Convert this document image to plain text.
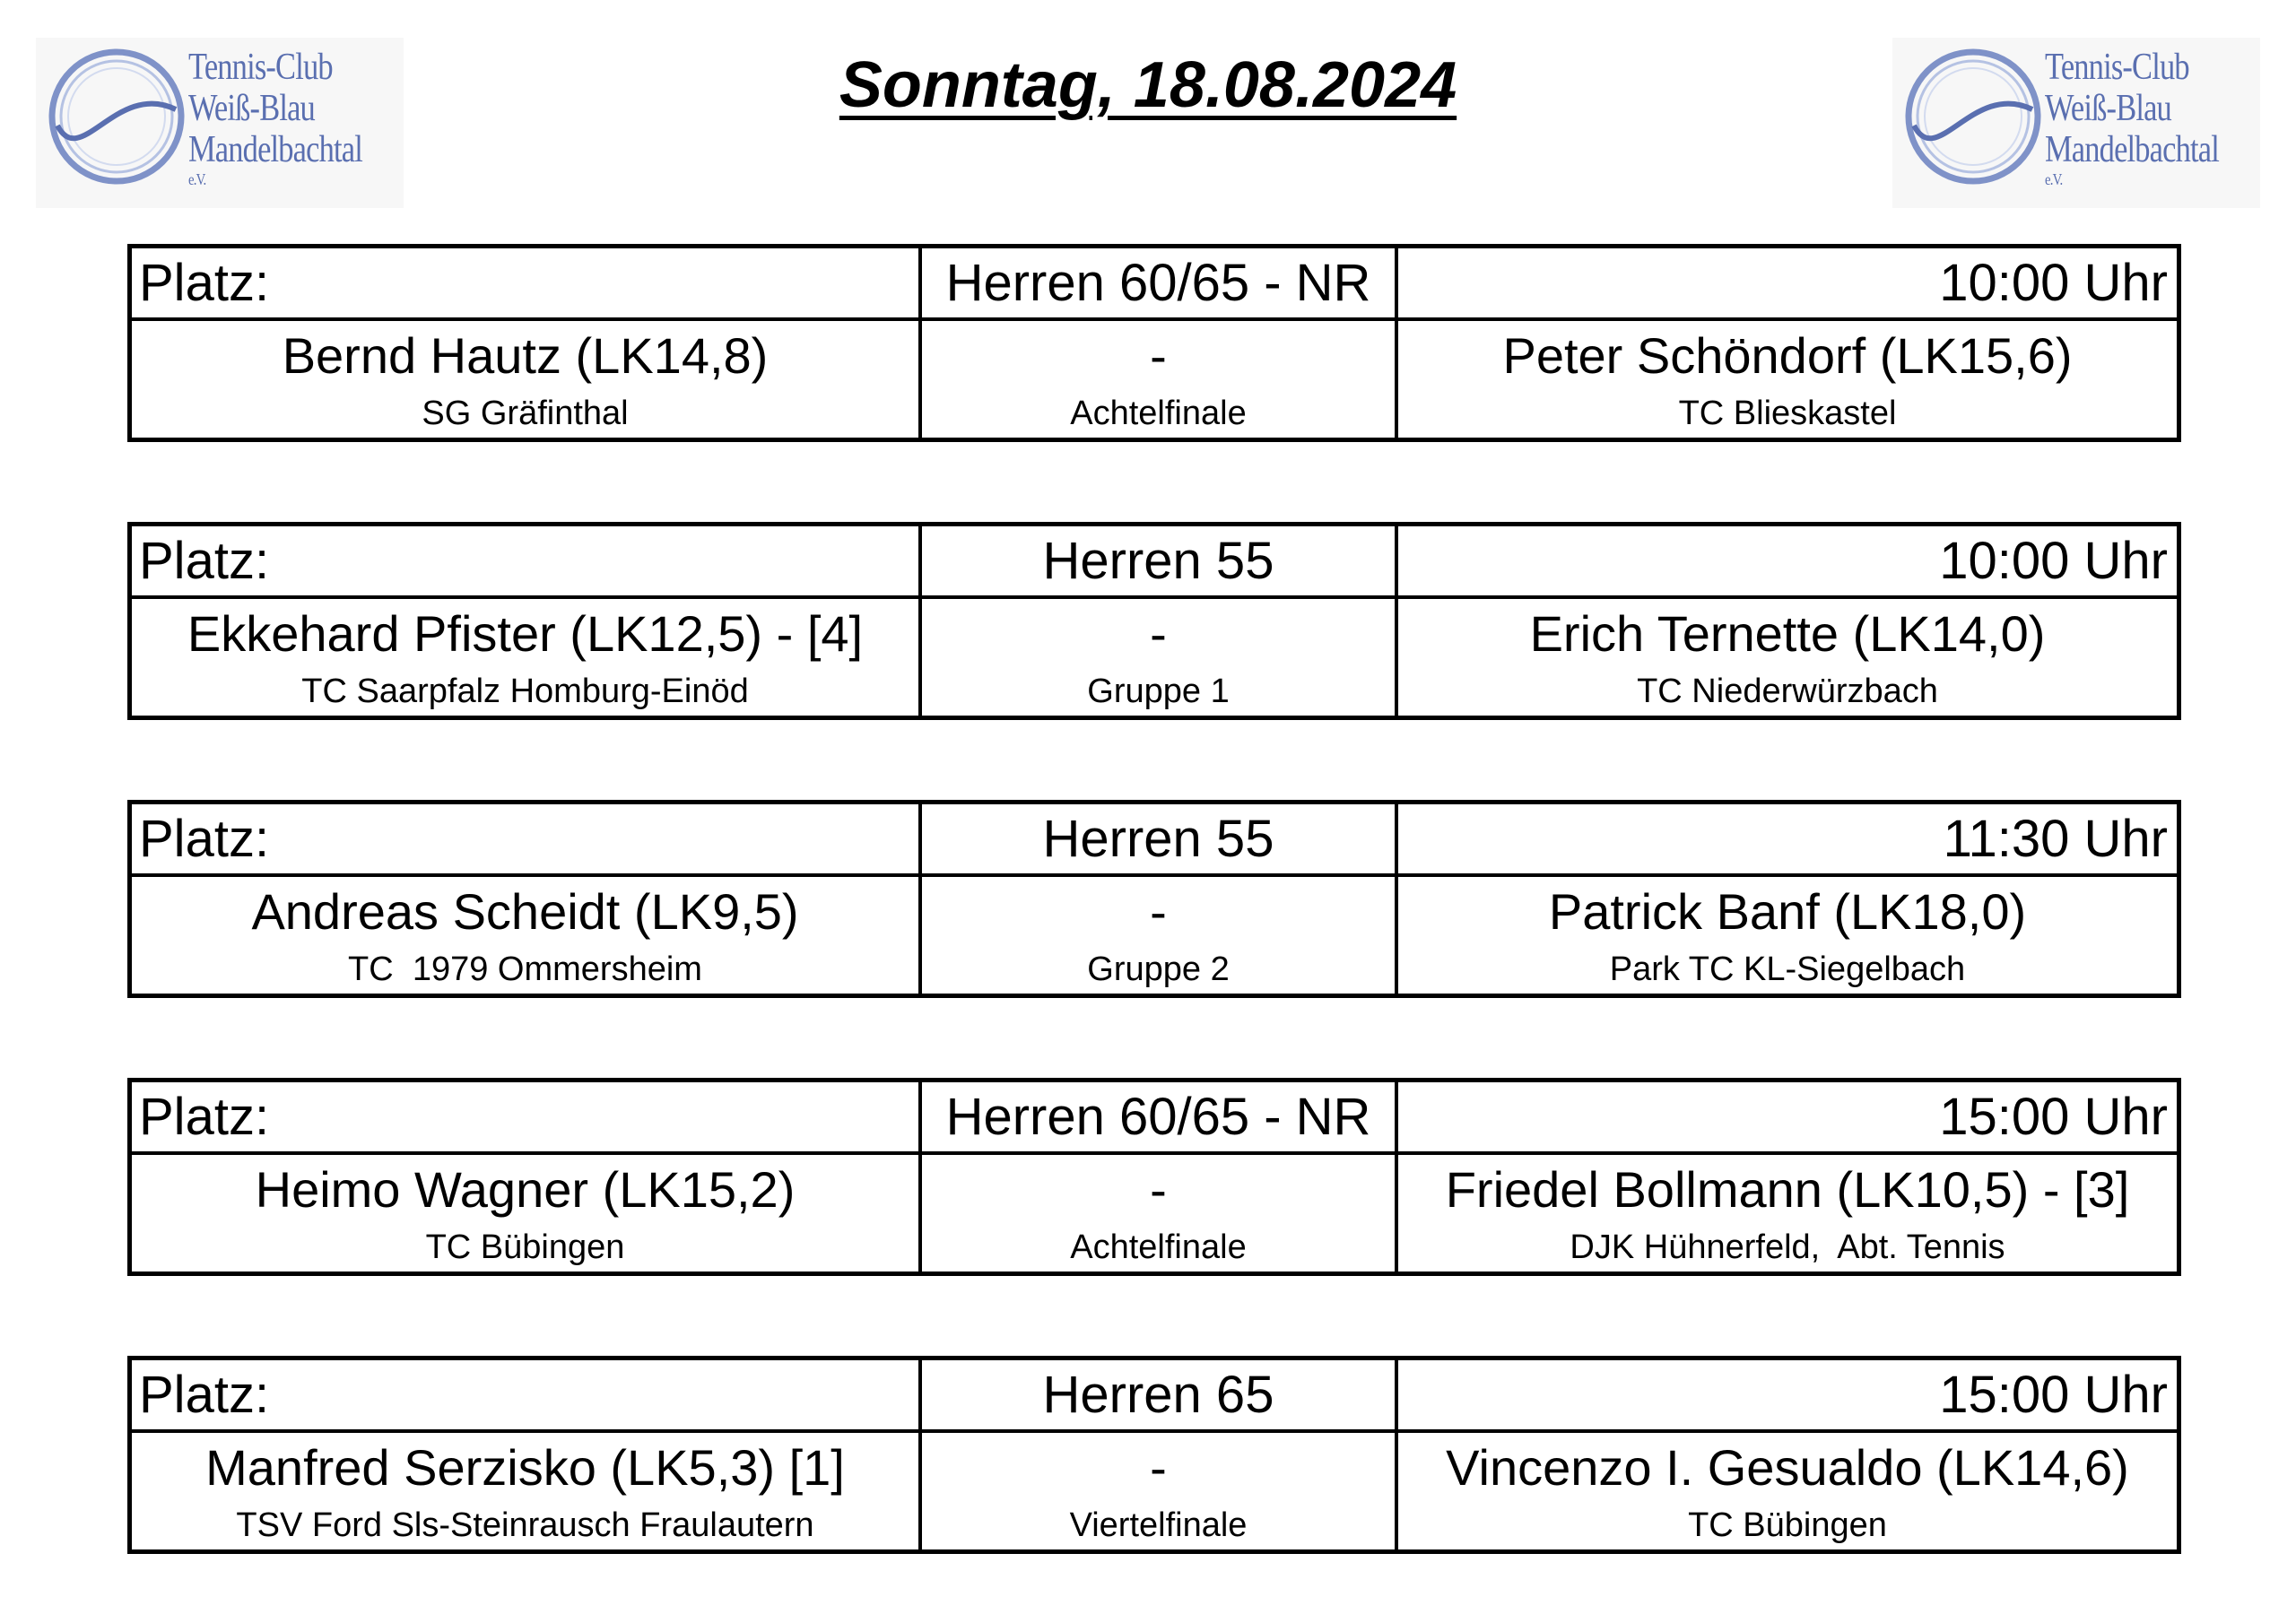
Tennis-Club
Weiß-Blau
Mandelbachtal
e.V.
Tennis-Club
Weiß-Blau
Mandelbachtal
e.V.
Sonntag, 18.08.2024
Platz:	Herren 60/65 - NR	10:00 Uhr
Bernd Hautz (LK14,8)	-	Peter Schöndorf (LK15,6)
SG Gräfinthal	Achtelfinale	TC Blieskastel
Platz:	Herren 55	10:00 Uhr
Ekkehard Pfister (LK12,5) - [4]	-	Erich Ternette (LK14,0)
TC Saarpfalz Homburg-Einöd	Gruppe 1	TC Niederwürzbach
Platz:	Herren 55	11:30 Uhr
Andreas Scheidt (LK9,5)	-	Patrick Banf (LK18,0)
TC  1979 Ommersheim	Gruppe 2	Park TC KL-Siegelbach
Platz:	Herren 60/65 - NR	15:00 Uhr
Heimo Wagner (LK15,2)	-	Friedel Bollmann (LK10,5) - [3]
TC Bübingen	Achtelfinale	DJK Hühnerfeld,  Abt. Tennis
Platz:	Herren 65	15:00 Uhr
Manfred Serzisko (LK5,3) [1]	-	Vincenzo I. Gesualdo (LK14,6)
TSV Ford Sls-Steinrausch Fraulautern	Viertelfinale	TC Bübingen
